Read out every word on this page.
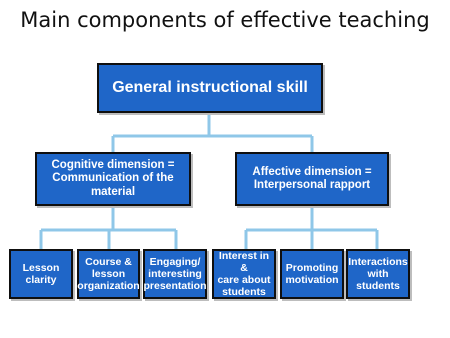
Main components of effective teaching
General instructional skill
Cognitive dimension =
Communication of the material
Affective dimension =
Interpersonal rapport
Lesson clarity
Course &
lesson
organization
Engaging/
interesting
presentation
Interest in &
care about
students
Promoting
motivation
Interactions
with students
